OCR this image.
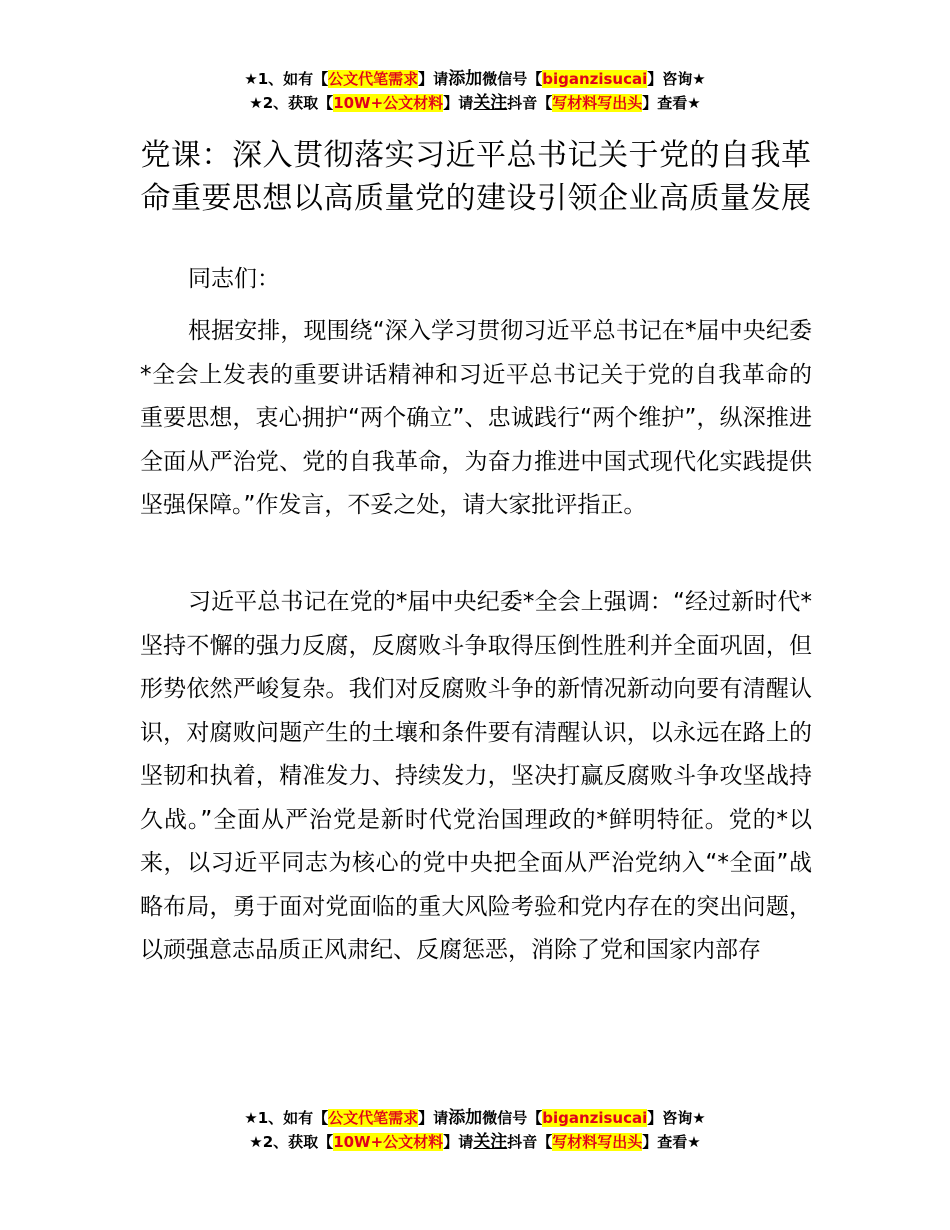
★1、如有【公文代笔需求】请添加微信号【biganzisucai】咨询★
★2、获取【10W+公文材料】请关注抖音【写材料写出头】查看★
党课：深入贯彻落实习近平总书记关于党的自我革命重要思想以高质量党的建设引领企业高质量发展

同志们：

根据安排，现围绕“深入学习贯彻习近平总书记在*届中央纪委*全会上发表的重要讲话精神和习近平总书记关于党的自我革命的重要思想，衷心拥护“两个确立”、忠诚践行“两个维护”，纵深推进全面从严治党、党的自我革命，为奋力推进中国式现代化实践提供坚强保障。”作发言，不妥之处，请大家批评指正。

习近平总书记在党的*届中央纪委*全会上强调：“经过新时代*坚持不懈的强力反腐，反腐败斗争取得压倒性胜利并全面巩固，但形势依然严峻复杂。我们对反腐败斗争的新情况新动向要有清醒认识，对腐败问题产生的土壤和条件要有清醒认识，以永远在路上的坚韧和执着，精准发力、持续发力，坚决打赢反腐败斗争攻坚战持久战。”全面从严治党是新时代党治国理政的*鲜明特征。党的*以来，以习近平同志为核心的党中央把全面从严治党纳入“*全面”战略布局，勇于面对党面临的重大风险考验和党内存在的突出问题，以顽强意志品质正风肃纪、反腐惩恶，消除了党和国家内部存

★1、如有【公文代笔需求】请添加微信号【biganzisucai】咨询★
★2、获取【10W+公文材料】请关注抖音【写材料写出头】查看★
